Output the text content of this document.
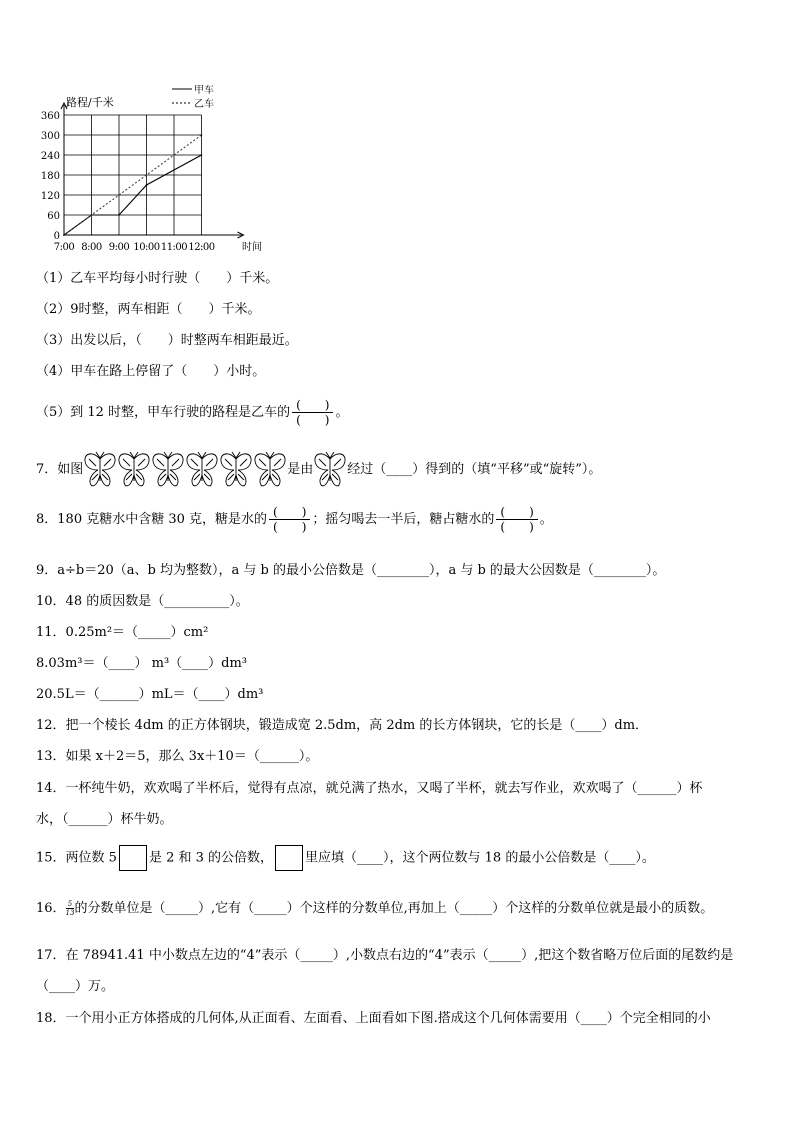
0
60
120
180
240
300
360
7:00 8:00 9:00 10:00 11:00 12:00
路程/千米
时间
甲车
乙车
（1）乙车平均每小时行驶（　　）千米。
（2）9时整，两车相距（　　）千米。
（3）出发以后，（　　）时整两车相距最近。
（4）甲车在路上停留了（　　）小时。
（5）到 12 时整，甲车行驶的路程是乙车的 $\frac{( )}{( )}$ 。
7．如图	是由	经过（____）得到的（填“平移”或“旋转”）。
8．180 克糖水中含糖 30 克，糖是水的 $\frac{( )}{( )}$ ；摇匀喝去一半后，糖占糖水的 $\frac{( )}{( )}$ 。
9．a÷b＝20（a、b 均为整数），a 与 b 的最小公倍数是（________），a 与 b 的最大公因数是（________）。
10．48 的质因数是（__________）。
11．0.25m²＝（_____）cm²
8.03m³＝（____） m³（____）dm³
20.5L＝（______）mL＝（____）dm³
12．把一个棱长 4dm 的正方体钢块，锻造成宽 2.5dm，高 2dm 的长方体钢块，它的长是（____）dm．
13．如果 x＋2＝5，那么 3x＋10＝（______）。
14．一杯纯牛奶，欢欢喝了半杯后，觉得有点凉，就兑满了热水，又喝了半杯，就去写作业，欢欢喝了（______）杯
水，（______）杯牛奶。
15．两位数 5 是 2 和 3 的公倍数， 里应填（____），这个两位数与 18 的最小公倍数是（____）。
16． $\frac{5}{13}$ 的分数单位是（_____）,它有（_____）个这样的分数单位,再加上（_____）个这样的分数单位就是最小的质数。
17．在 78941.41 中小数点左边的“4”表示（_____）,小数点右边的“4”表示（_____）,把这个数省略万位后面的尾数约是
（____）万。
18．一个用小正方体搭成的几何体,从正面看、左面看、上面看如下图.搭成这个几何体需要用（____）个完全相同的小
